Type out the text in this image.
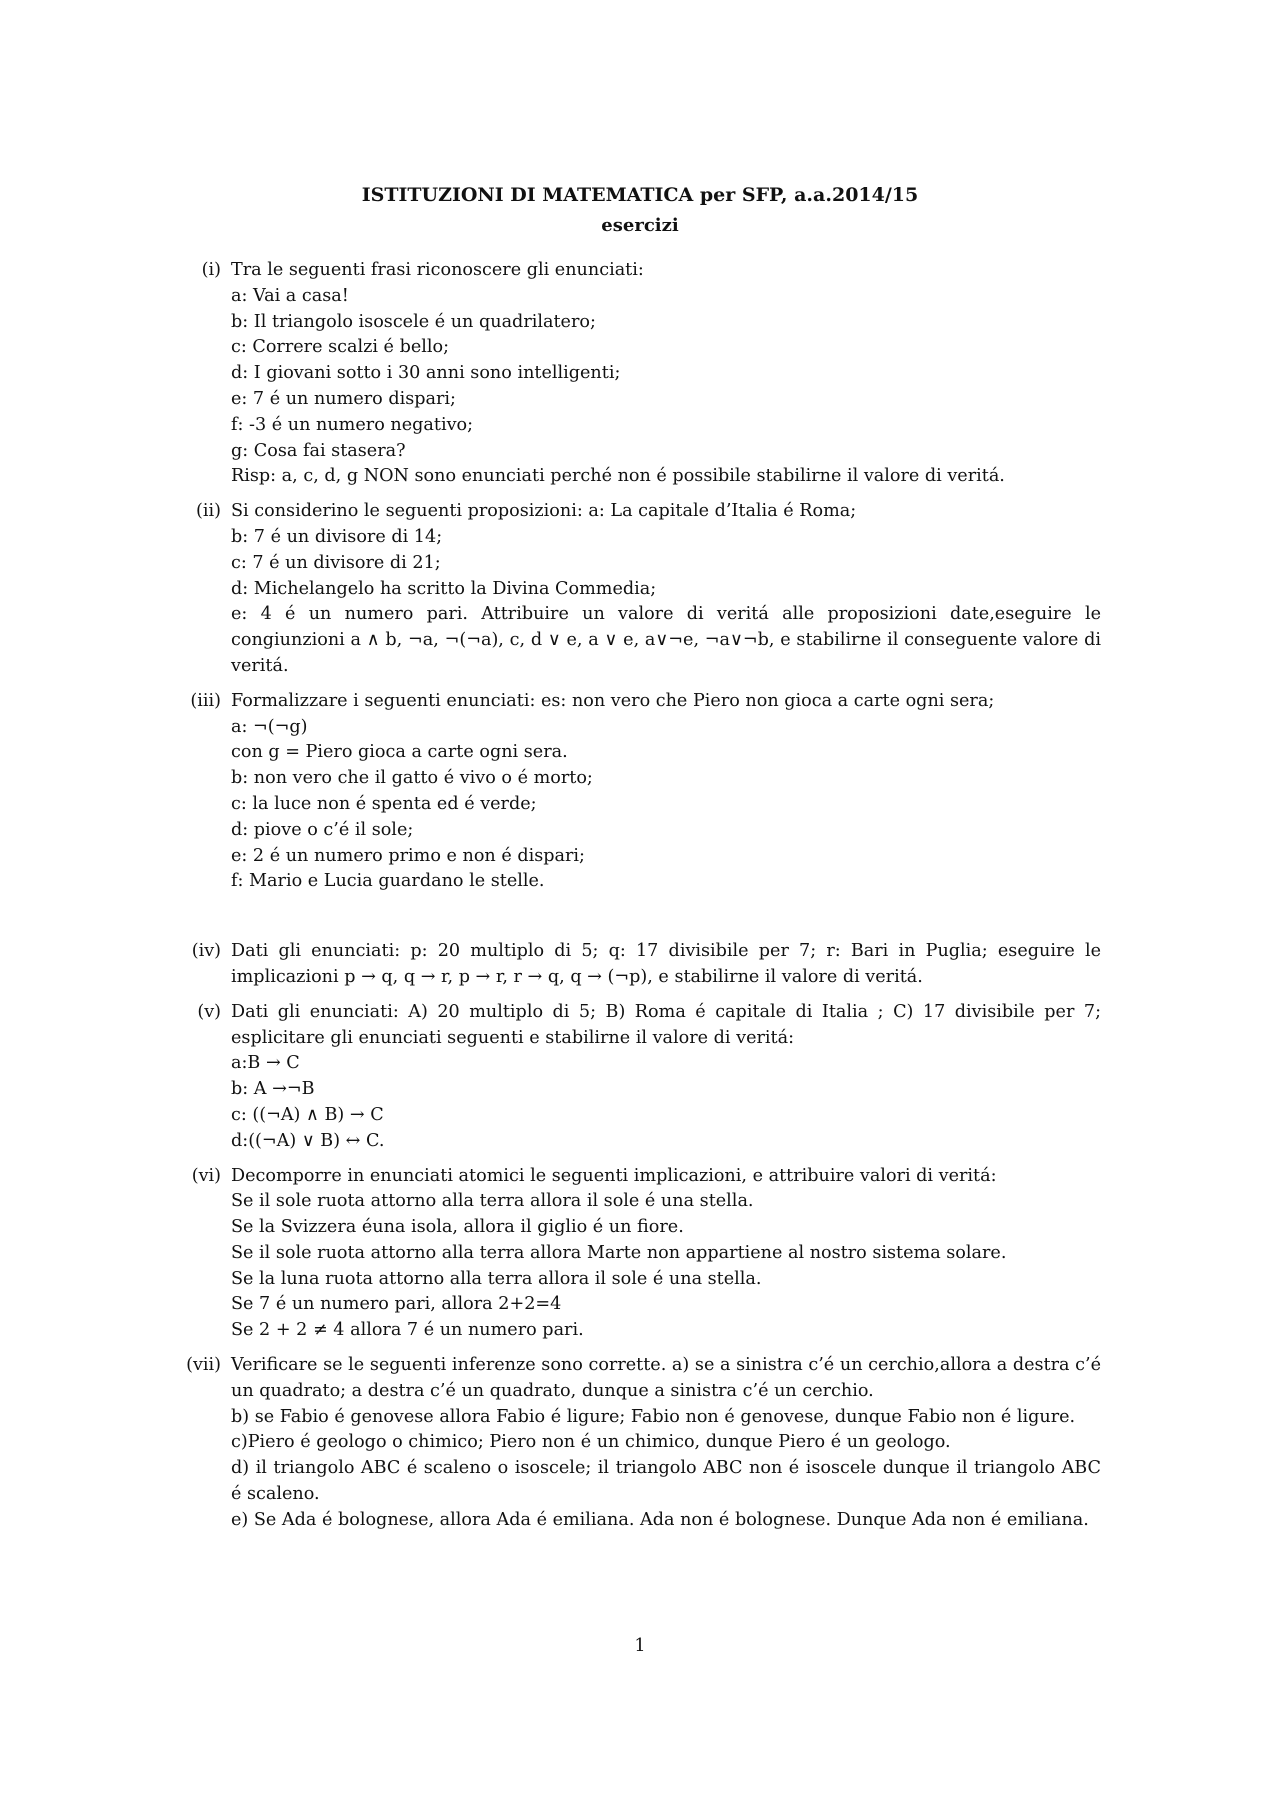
ISTITUZIONI DI MATEMATICA per SFP, a.a.2014/15
esercizi
(i) Tra le seguenti frasi riconoscere gli enunciati:
a: Vai a casa!
b: Il triangolo isoscele é un quadrilatero;
c: Correre scalzi é bello;
d: I giovani sotto i 30 anni sono intelligenti;
e: 7 é un numero dispari;
f: -3 é un numero negativo;
g: Cosa fai stasera?
Risp: a, c, d, g NON sono enunciati perché non é possibile stabilirne il valore di veritá.
(ii) Si considerino le seguenti proposizioni: a: La capitale d’Italia é Roma;
b: 7 é un divisore di 14;
c: 7 é un divisore di 21;
d: Michelangelo ha scritto la Divina Commedia;
e: 4 é un numero pari. Attribuire un valore di veritá alle proposizioni date,eseguire le congiunzioni a ∧ b, ¬a, ¬(¬a), c, d ∨ e, a ∨ e, a∨¬e, ¬a∨¬b, e stabilirne il conseguente valore di veritá.
(iii) Formalizzare i seguenti enunciati: es: non vero che Piero non gioca a carte ogni sera;
a: ¬(¬g)
con g = Piero gioca a carte ogni sera.
b: non vero che il gatto é vivo o é morto;
c: la luce non é spenta ed é verde;
d: piove o c’é il sole;
e: 2 é un numero primo e non é dispari;
f: Mario e Lucia guardano le stelle.
(iv) Dati gli enunciati: p: 20 multiplo di 5; q: 17 divisibile per 7; r: Bari in Puglia; eseguire le implicazioni p → q, q → r, p → r, r → q, q → (¬p), e stabilirne il valore di veritá.
(v) Dati gli enunciati: A) 20 multiplo di 5; B) Roma é capitale di Italia ; C) 17 divisibile per 7; esplicitare gli enunciati seguenti e stabilirne il valore di veritá:
a:B → C
b: A →¬B
c: ((¬A) ∧ B) → C
d:((¬A) ∨ B) ↔ C.
(vi) Decomporre in enunciati atomici le seguenti implicazioni, e attribuire valori di veritá:
Se il sole ruota attorno alla terra allora il sole é una stella.
Se la Svizzera éuna isola, allora il giglio é un fiore.
Se il sole ruota attorno alla terra allora Marte non appartiene al nostro sistema solare.
Se la luna ruota attorno alla terra allora il sole é una stella.
Se 7 é un numero pari, allora 2+2=4
Se 2 + 2 ≠ 4 allora 7 é un numero pari.
(vii) Verificare se le seguenti inferenze sono corrette. a) se a sinistra c’é un cerchio,allora a destra c’é un quadrato; a destra c’é un quadrato, dunque a sinistra c’é un cerchio.
b) se Fabio é genovese allora Fabio é ligure; Fabio non é genovese, dunque Fabio non é ligure.
c)Piero é geologo o chimico; Piero non é un chimico, dunque Piero é un geologo.
d) il triangolo ABC é scaleno o isoscele; il triangolo ABC non é isoscele dunque il triangolo ABC é scaleno.
e) Se Ada é bolognese, allora Ada é emiliana. Ada non é bolognese. Dunque Ada non é emiliana.
1
